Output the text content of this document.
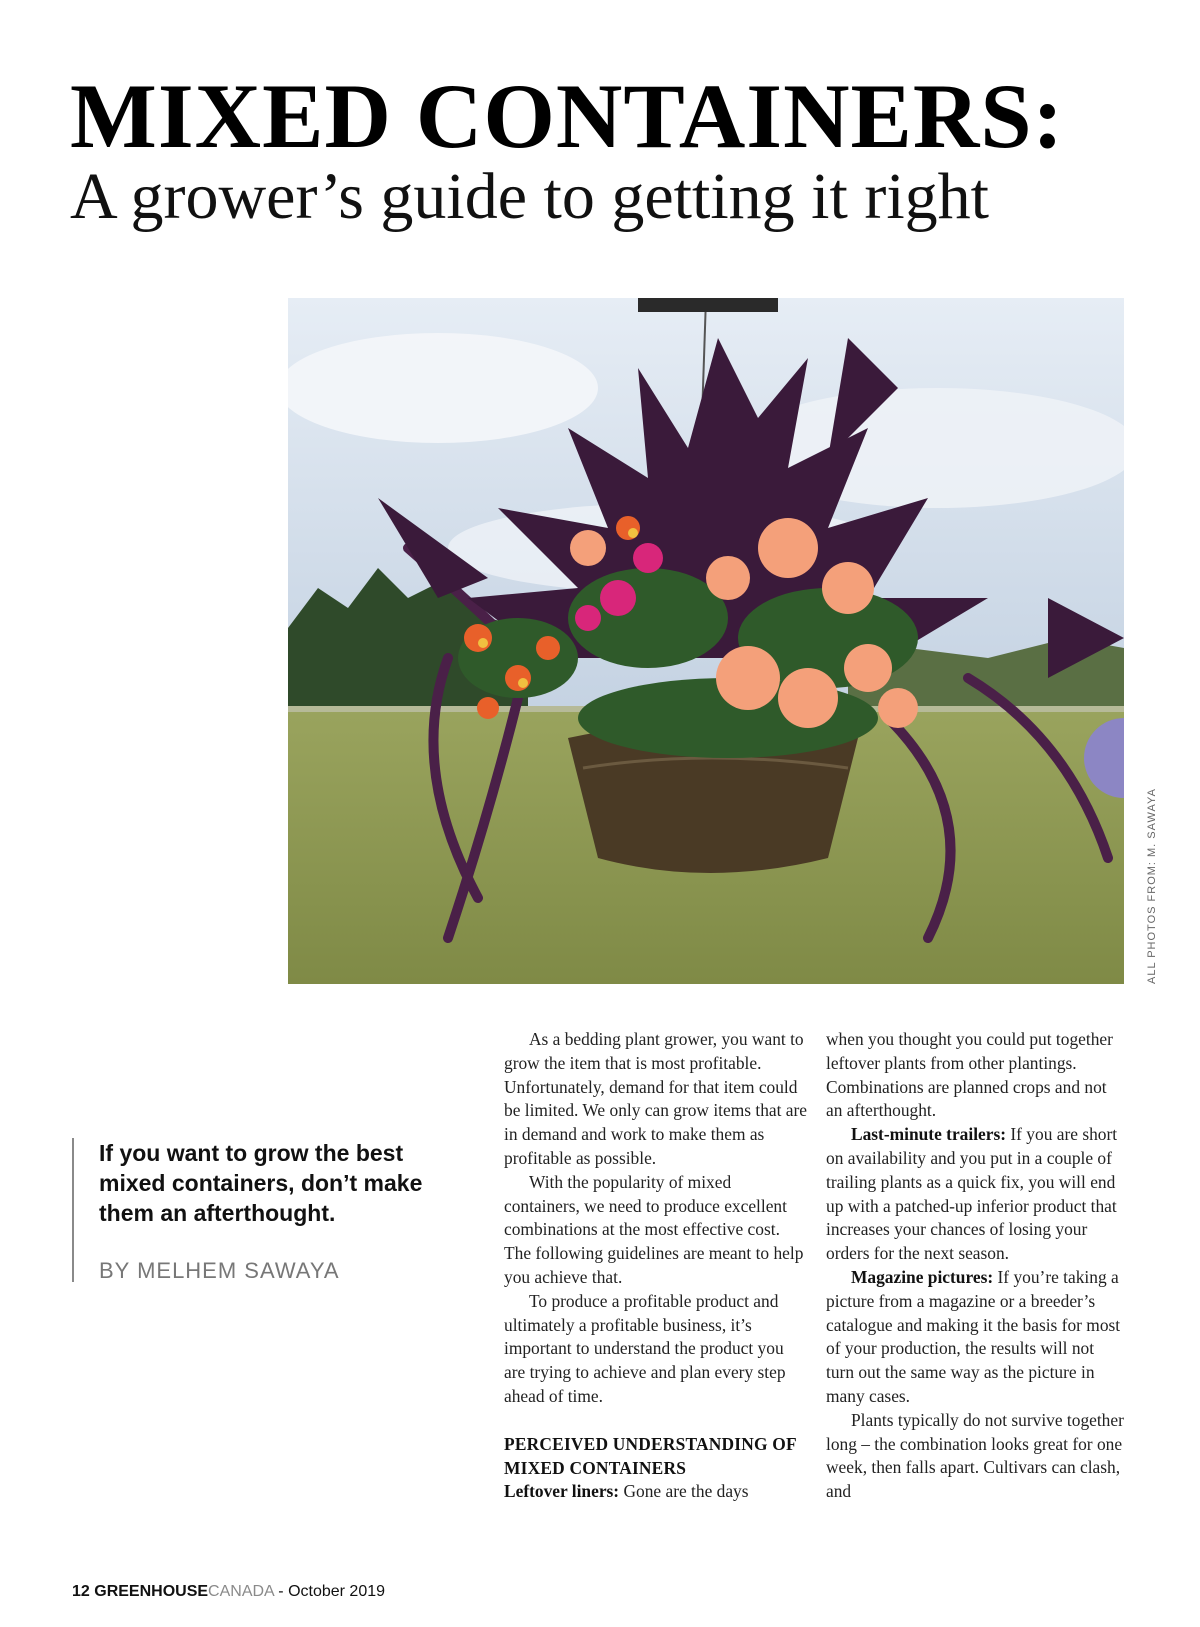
MIXED CONTAINERS:
A grower’s guide to getting it right
ALL PHOTOS FROM: M. SAWAYA

If you want to grow the best mixed containers, don’t make them an afterthought.

BY MELHEM SAWAYA

As a bedding plant grower, you want to grow the item that is most profitable. Unfortunately, demand for that item could be limited. We only can grow items that are in demand and work to make them as profitable as possible.

With the popularity of mixed containers, we need to produce excellent combinations at the most effective cost. The following guidelines are meant to help you achieve that.

To produce a profitable product and ultimately a profitable business, it’s important to understand the product you are trying to achieve and plan every step ahead of time.

PERCEIVED UNDERSTANDING OF MIXED CONTAINERS

Leftover liners: Gone are the days

when you thought you could put together leftover plants from other plantings. Combinations are planned crops and not an afterthought.

Last-minute trailers: If you are short on availability and you put in a couple of trailing plants as a quick fix, you will end up with a patched-up inferior product that increases your chances of losing your orders for the next season.

Magazine pictures: If you’re taking a picture from a magazine or a breeder’s catalogue and making it the basis for most of your production, the results will not turn out the same way as the picture in many cases.

Plants typically do not survive together long – the combination looks great for one week, then falls apart. Cultivars can clash, and

12 GREENHOUSECANADA - October 2019
